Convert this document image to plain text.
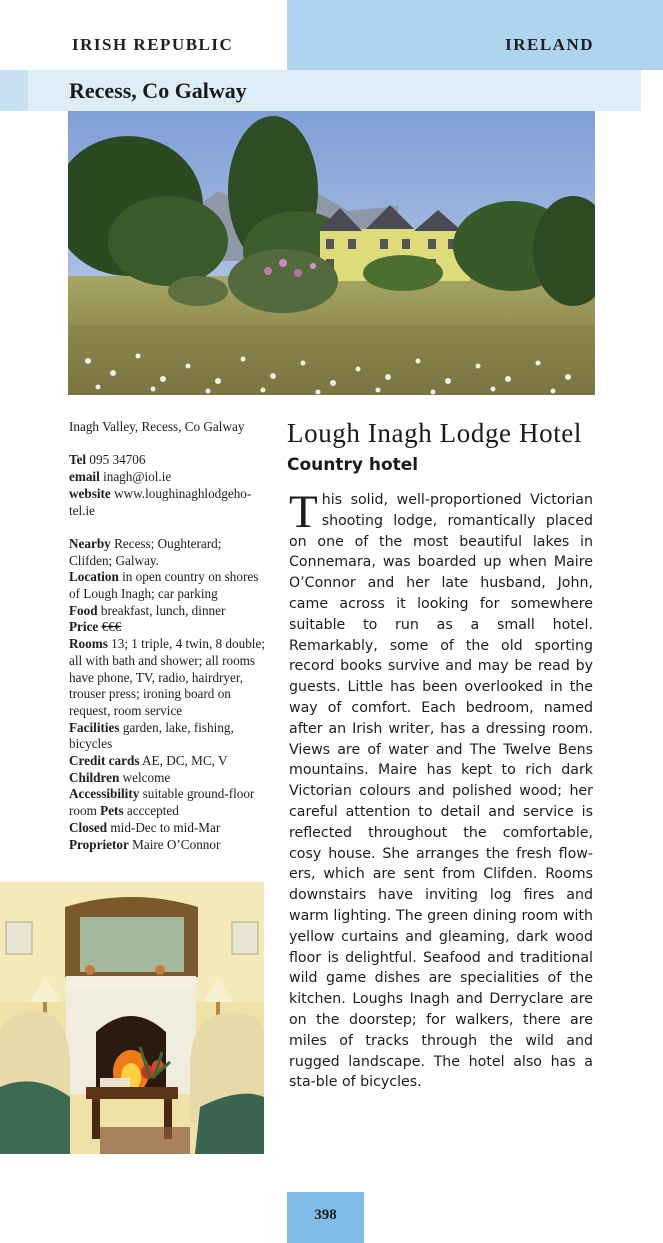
IRISH REPUBLIC	IRELAND
Recess, Co Galway

Inagh Valley, Recess, Co Galway

Tel 095 34706

email inagh@iol.ie

website www.loughinaghlodgeho-tel.ie

Nearby Recess; Oughterard; Clifden; Galway.

Location in open country on shores of Lough Inagh; car parking

Food breakfast, lunch, dinner

Price €€€

Rooms 13; 1 triple, 4 twin, 8 double; all with bath and shower; all rooms have phone, TV, radio, hairdryer, trouser press; ironing board on request, room service

Facilities garden, lake, fishing, bicycles

Credit cards AE, DC, MC, V

Children welcome

Accessibility suitable ground-floor room Pets acccepted

Closed mid-Dec to mid-Mar

Proprietor Maire O’Connor

Lough Inagh Lodge Hotel Country hotel
T his solid, well-proportioned Victorian shooting lodge, romantically placed on one of the most beautiful lakes in Connemara, was boarded up when Maire O’Connor and her late husband, John, came across it looking for somewhere suitable to run as a small hotel. Remarkably, some of the old sporting record books survive and may be read by guests. Little has been overlooked in the way of comfort. Each bedroom, named after an Irish writer, has a dressing room. Views are of water and The Twelve Bens mountains. Maire has kept to rich dark Victorian colours and polished wood; her careful attention to detail and service is reflected throughout the comfortable, cosy house. She arranges the fresh flow-ers, which are sent from Clifden. Rooms downstairs have inviting log fires and warm lighting. The green dining room with yellow curtains and gleaming, dark wood floor is delightful. Seafood and traditional wild game dishes are specialities of the kitchen. Loughs Inagh and Derryclare are on the doorstep; for walkers, there are miles of tracks through the wild and rugged landscape. The hotel also has a sta-ble of bicycles.
398
